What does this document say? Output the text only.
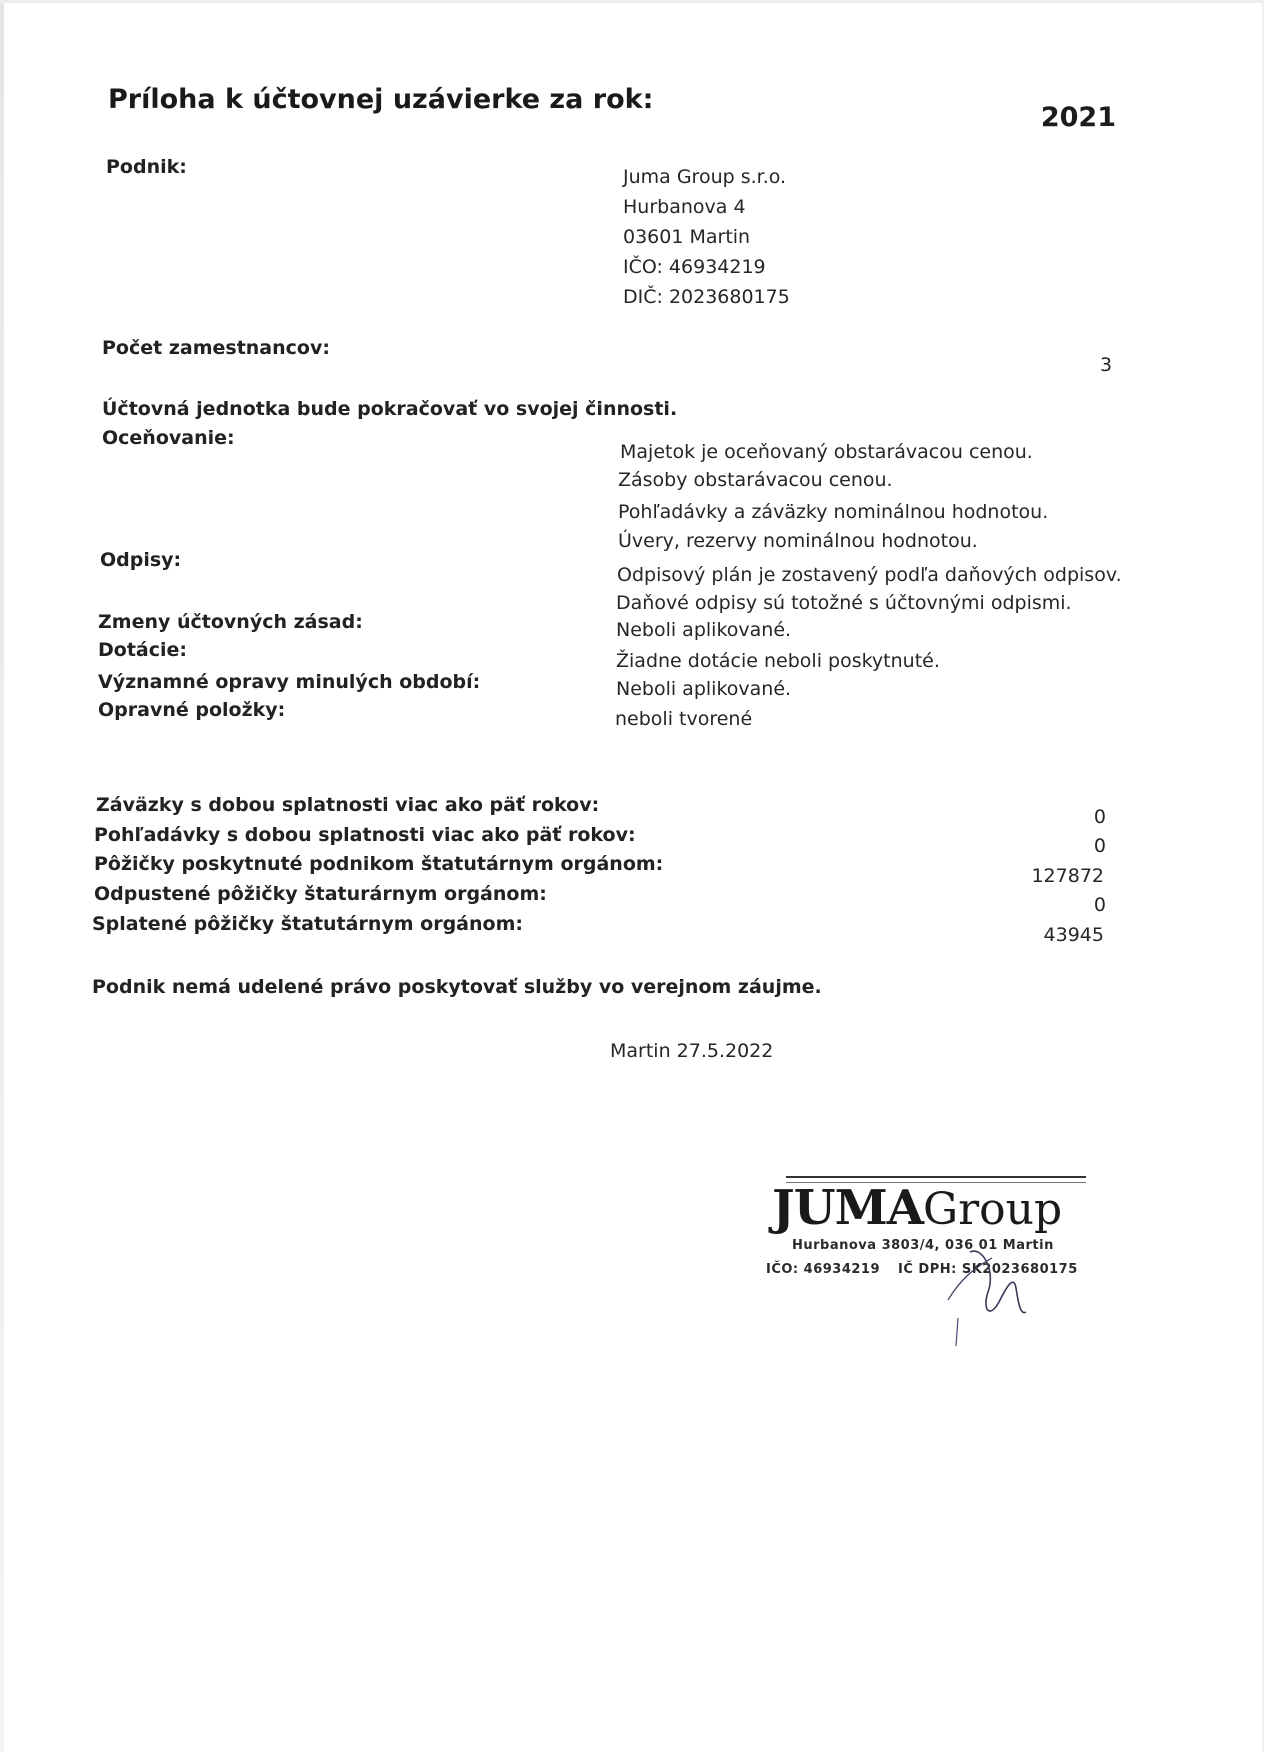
Príloha k účtovnej uzávierke za rok:
2021
Podnik:	Juma Group s.r.o.
Hurbanova 4
03601 Martin
IČO: 46934219
DIČ: 2023680175
Počet zamestnancov:
3
Účtovná jednotka bude pokračovať vo svojej činnosti.
Oceňovanie:
Majetok je oceňovaný obstarávacou cenou.
Zásoby obstarávacou cenou.
Pohľadávky a záväzky nominálnou hodnotou.
Úvery, rezervy nominálnou hodnotou.
Odpisy:
Odpisový plán je zostavený podľa daňových odpisov.
Daňové odpisy sú totožné s účtovnými odpismi.
Zmeny účtovných zásad:	Neboli aplikované.
Dotácie:	Žiadne dotácie neboli poskytnuté.
Významné opravy minulých období:	Neboli aplikované.
Opravné položky:	neboli tvorené
Záväzky s dobou splatnosti viac ako päť rokov:
0
Pohľadávky s dobou splatnosti viac ako päť rokov:	0
Pôžičky poskytnuté podnikom štatutárnym orgánom:
127872
Odpustené pôžičky štaturárnym orgánom:	0
Splatené pôžičky štatutárnym orgánom:	43945
Podnik nemá udelené právo poskytovať služby vo verejnom záujme.
Martin 27.5.2022
JUMAGroup
Hurbanova 3803/4, 036 01 Martin
IČO: 46934219 IČ DPH: SK2023680175
